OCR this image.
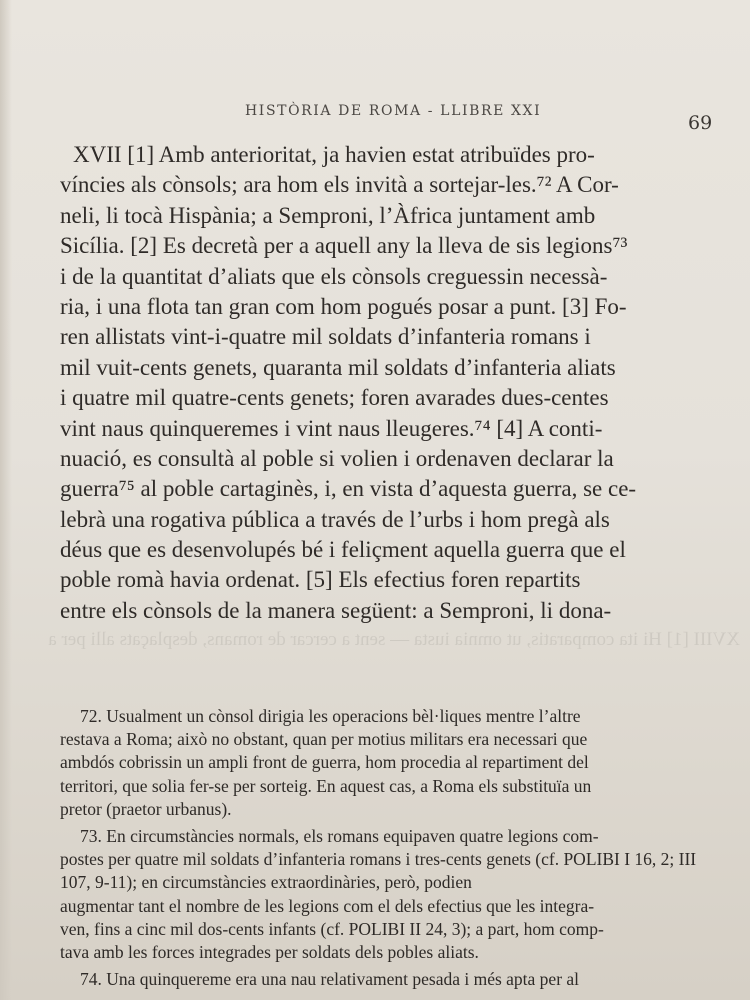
HISTÒRIA DE ROMA - LLIBRE XXI
69
XVII [1] Amb anterioritat, ja havien estat atribuïdes pro-
víncies als cònsols; ara hom els invità a sortejar-les.⁷² A Cor-
neli, li tocà Hispània; a Semproni, l’Àfrica juntament amb
Sicília. [2] Es decretà per a aquell any la lleva de sis legions⁷³
i de la quantitat d’aliats que els cònsols creguessin necessà-
ria, i una flota tan gran com hom pogués posar a punt. [3] Fo-
ren allistats vint-i-quatre mil soldats d’infanteria romans i
mil vuit-cents genets, quaranta mil soldats d’infanteria aliats
i quatre mil quatre-cents genets; foren avarades dues-centes
vint naus quinqueremes i vint naus lleugeres.⁷⁴ [4] A conti-
nuació, es consultà al poble si volien i ordenaven declarar la
guerra⁷⁵ al poble cartaginès, i, en vista d’aquesta guerra, se ce-
lebrà una rogativa pública a través de l’urbs i hom pregà als
déus que es desenvolupés bé i feliçment aquella guerra que el
poble romà havia ordenat. [5] Els efectius foren repartits
entre els cònsols de la manera següent: a Semproni, li dona-
XVIII [1] Hi ita comparatis, ut omnia iusta — sent a cercar de romans, desplaçats alli per a
72. Usualment un cònsol dirigia les operacions bèl·liques mentre l’altre
restava a Roma; això no obstant, quan per motius militars era necessari que
ambdós cobrissin un ampli front de guerra, hom procedia al repartiment del
territori, que solia fer-se per sorteig. En aquest cas, a Roma els substituïa un
pretor (praetor urbanus).
73. En circumstàncies normals, els romans equipaven quatre legions com-
postes per quatre mil soldats d’infanteria romans i tres-cents genets (cf. POLIBI I 16, 2; III 107, 9-11); en circumstàncies extraordinàries, però, podien
augmentar tant el nombre de les legions com el dels efectius que les integra-
ven, fins a cinc mil dos-cents infants (cf. POLIBI II 24, 3); a part, hom comp-
tava amb les forces integrades per soldats dels pobles aliats.
74. Una quinquereme era una nau relativament pesada i més apta per al
